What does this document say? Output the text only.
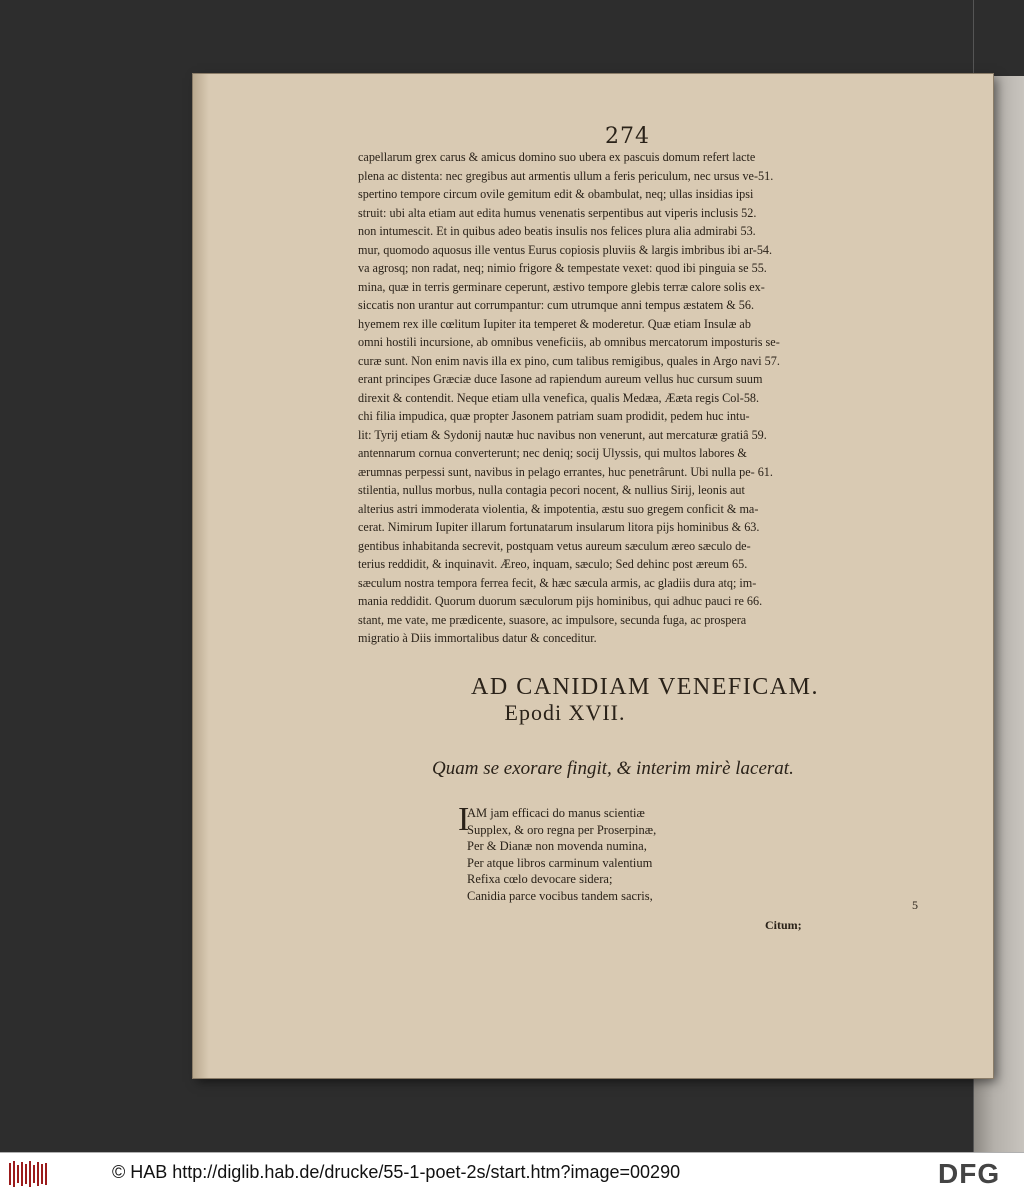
274
capellarum grex carus & amicus domino suo ubera ex pascuis domum refert lacte
plena ac distenta: nec gregibus aut armentis ullum a feris periculum, nec ursus ve-51.
spertino tempore circum ovile gemitum edit & obambulat, neq; ullas insidias ipsi
struit: ubi alta etiam aut edita humus venenatis serpentibus aut viperis inclusis 52.
non intumescit. Et in quibus adeo beatis insulis nos felices plura alia admirabi 53.
mur, quomodo aquosus ille ventus Eurus copiosis pluviis & largis imbribus ibi ar-54.
va agrosq; non radat, neq; nimio frigore & tempestate vexet: quod ibi pinguia se 55.
mina, quæ in terris germinare ceperunt, æstivo tempore glebis terræ calore solis ex-
siccatis non urantur aut corrumpantur: cum utrumque anni tempus æstatem & 56.
hyemem rex ille cœlitum Iupiter ita temperet & moderetur. Quæ etiam Insulæ ab
omni hostili incursione, ab omnibus veneficiis, ab omnibus mercatorum imposturis se-
curæ sunt. Non enim navis illa ex pino, cum talibus remigibus, quales in Argo navi 57.
erant principes Græciæ duce Iasone ad rapiendum aureum vellus huc cursum suum
direxit & contendit. Neque etiam ulla venefica, qualis Medæa, Ææta regis Col-58.
chi filia impudica, quæ propter Jasonem patriam suam prodidit, pedem huc intu-
lit: Tyrij etiam & Sydonij nautæ huc navibus non venerunt, aut mercaturæ gratiâ 59.
antennarum cornua converterunt; nec deniq; socij Ulyssis, qui multos labores &
ærumnas perpessi sunt, navibus in pelago errantes, huc penetrârunt. Ubi nulla pe- 61.
stilentia, nullus morbus, nulla contagia pecori nocent, & nullius Sirij, leonis aut
alterius astri immoderata violentia, & impotentia, æstu suo gregem conficit & ma-
cerat. Nimirum Iupiter illarum fortunatarum insularum litora pijs hominibus & 63.
gentibus inhabitanda secrevit, postquam vetus aureum sæculum æreo sæculo de-
terius reddidit, & inquinavit. Æreo, inquam, sæculo; Sed dehinc post æreum 65.
sæculum nostra tempora ferrea fecit, & hæc sæcula armis, ac gladiis dura atq; im-
mania reddidit. Quorum duorum sæculorum pijs hominibus, qui adhuc pauci re 66.
stant, me vate, me prædicente, suasore, ac impulsore, secunda fuga, ac prospera
migratio à Diis immortalibus datur & conceditur.
AD CANIDIAM VENEFICAM.
Epodi XVII.
Quam se exorare fingit, & interim mirè lacerat.
I
AM jam efficaci do manus scientiæ
Supplex, & oro regna per Proserpinæ,
Per & Dianæ non movenda numina,
Per atque libros carminum valentium
Refixa cœlo devocare sidera;
Canidia parce vocibus tandem sacris,
5
Citum;
© HAB http://diglib.hab.de/drucke/55-1-poet-2s/start.htm?image=00290	DFG
